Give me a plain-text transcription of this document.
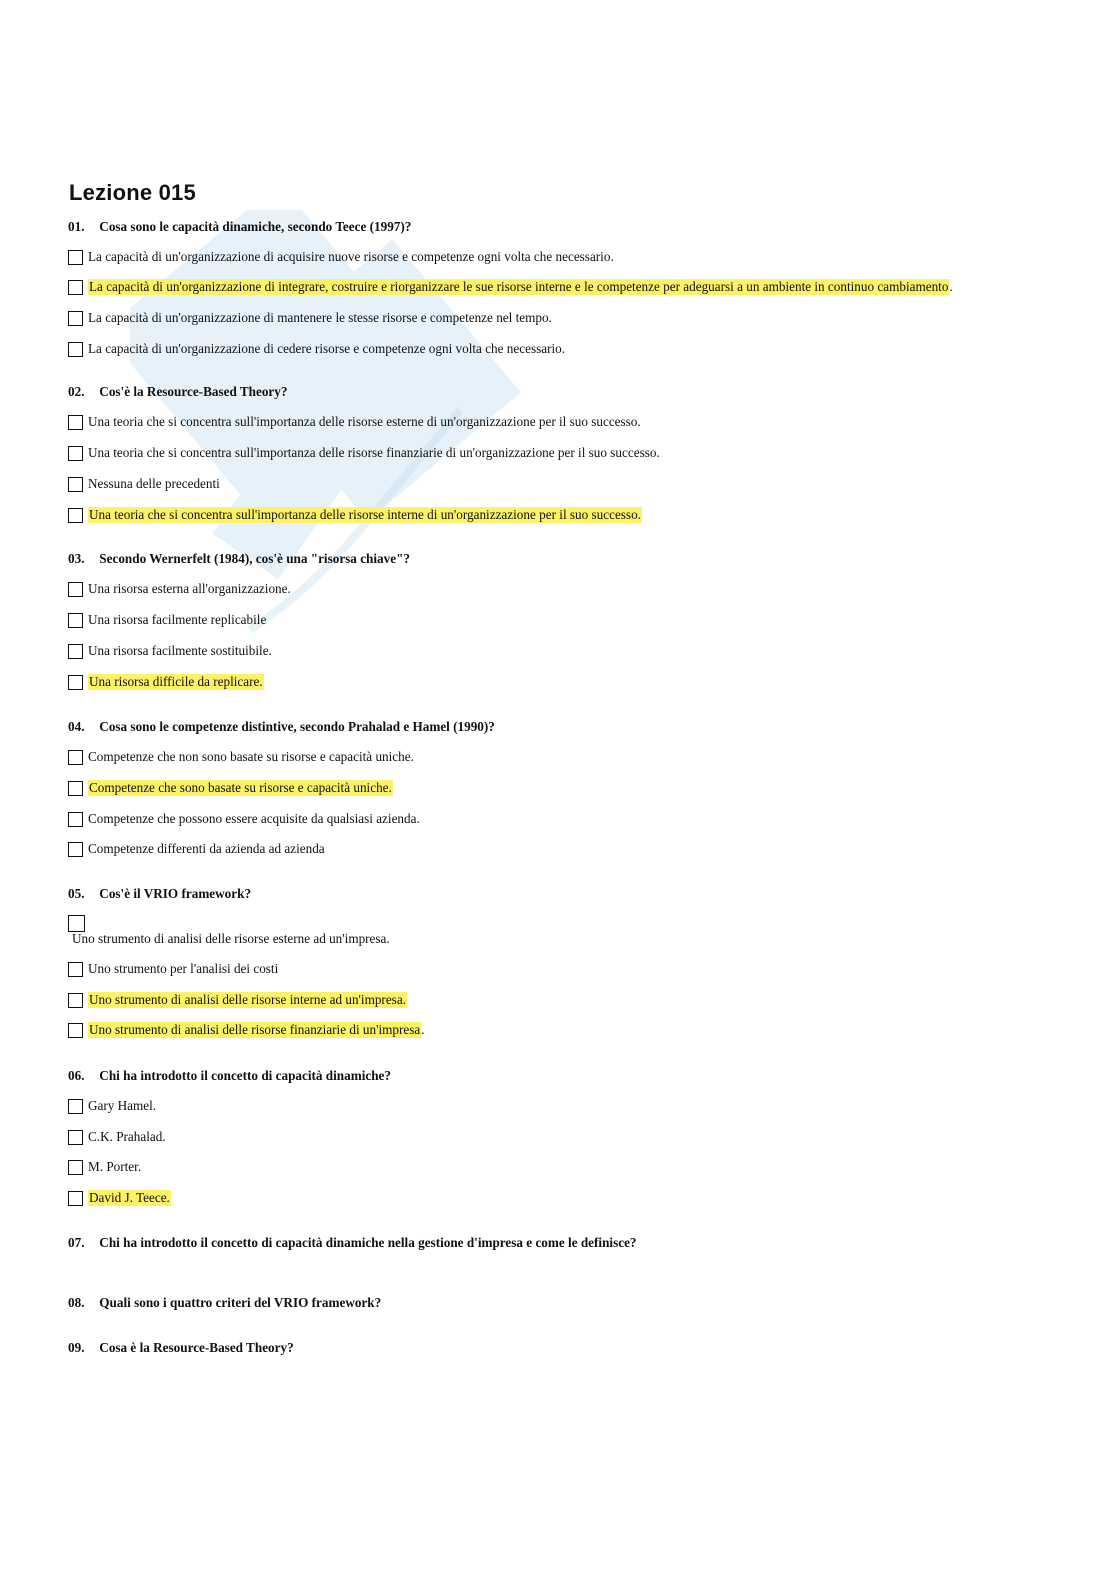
Lezione 015
01. Cosa sono le capacità dinamiche, secondo Teece (1997)?
La capacità di un'organizzazione di acquisire nuove risorse e competenze ogni volta che necessario.
La capacità di un'organizzazione di integrare, costruire e riorganizzare le sue risorse interne e le competenze per adeguarsi a un ambiente in continuo cambiamento .
La capacità di un'organizzazione di mantenere le stesse risorse e competenze nel tempo.
La capacità di un'organizzazione di cedere risorse e competenze ogni volta che necessario.
02. Cos'è la Resource-Based Theory?
Una teoria che si concentra sull'importanza delle risorse esterne di un'organizzazione per il suo successo.
Una teoria che si concentra sull'importanza delle risorse finanziarie di un'organizzazione per il suo successo.
Nessuna delle precedenti
Una teoria che si concentra sull'importanza delle risorse interne di un'organizzazione per il suo successo.
03. Secondo Wernerfelt (1984), cos'è una "risorsa chiave"?
Una risorsa esterna all'organizzazione.
Una risorsa facilmente replicabile
Una risorsa facilmente sostituibile.
Una risorsa difficile da replicare.
04. Cosa sono le competenze distintive, secondo Prahalad e Hamel (1990)?
Competenze che non sono basate su risorse e capacità uniche.
Competenze che sono basate su risorse e capacità uniche.
Competenze che possono essere acquisite da qualsiasi azienda.
Competenze differenti da azienda ad azienda
05. Cos'è il VRIO framework?
Uno strumento di analisi delle risorse esterne ad un'impresa.
Uno strumento per l'analisi dei costi
Uno strumento di analisi delle risorse interne ad un'impresa.
Uno strumento di analisi delle risorse finanziarie di un'impresa .
06. Chi ha introdotto il concetto di capacità dinamiche?
Gary Hamel.
C.K. Prahalad.
M. Porter.
David J. Teece.
07. Chi ha introdotto il concetto di capacità dinamiche nella gestione d'impresa e come le definisce?
08. Quali sono i quattro criteri del VRIO framework?
09. Cosa è la Resource-Based Theory?
